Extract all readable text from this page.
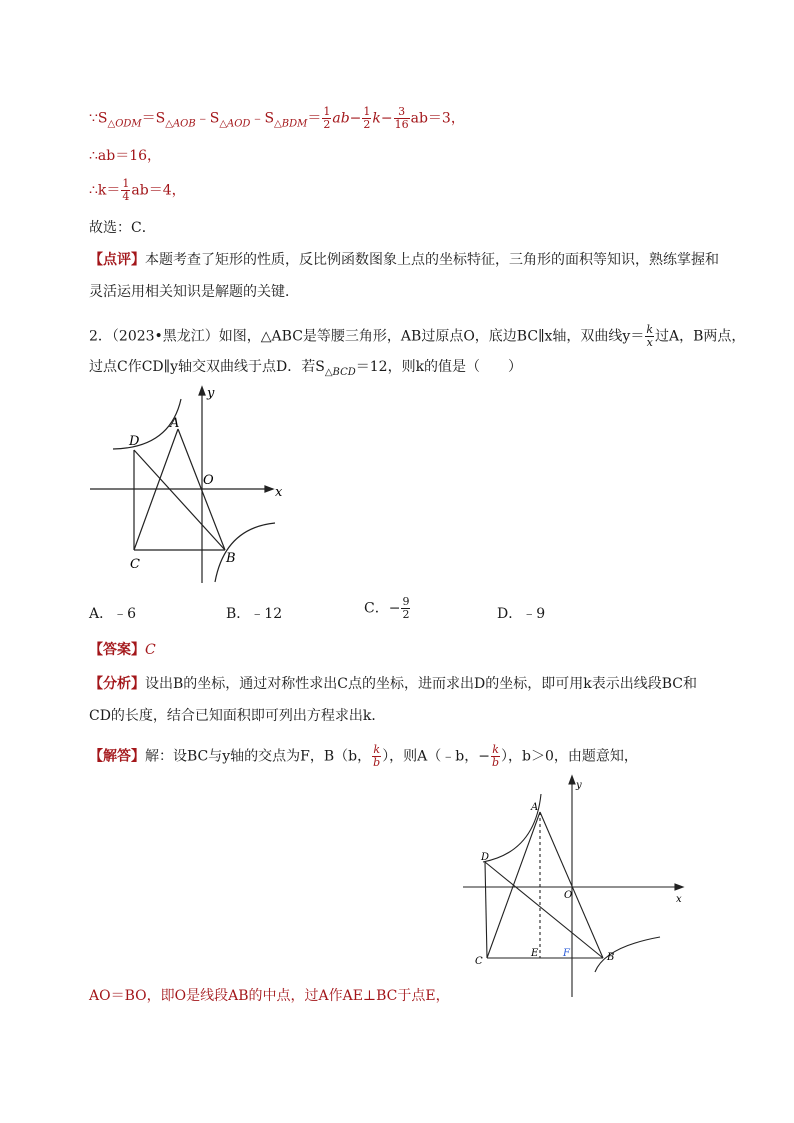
$\because S_{\triangle ODM}=S_{\triangle AOB}﹣S_{\triangle AOD}﹣S_{\triangle BDM}= \frac{1}{2} ab- \frac{1}{2} k- \frac{3}{16} ab=3$，
∴ab＝16，
∴k＝ $\frac{1}{4} ab=4$，
故选：C．
【点评】本题考查了矩形的性质，反比例函数图象上点的坐标特征，三角形的面积等知识，熟练掌握和
灵活运用相关知识是解题的关键．
2．（2023•黑龙江）如图，△ABC是等腰三角形，AB过原点O，底边BC∥x轴，双曲线$y= \frac{k}{x}$ 过A，B两点，
过点C作CD∥y轴交双曲线于点D．若$S_{\triangle BCD}=12$，则k的值是（　　）
A
D
O
x
y
C	B
A．﹣6	B．﹣12	C．− $\frac{9}{2}$	D．﹣9
【答案】C
【分析】设出B的坐标，通过对称性求出C点的坐标，进而求出D的坐标，即可用k表示出线段BC和
CD的长度，结合已知面积即可列出方程求出k．
【解答】解：设BC与y轴的交点为F，B（b， $\frac{k}{b}$ ），则A（﹣b，− $\frac{k}{b}$ ），b＞0，由题意知，
A
y
D
O	x
E F
C	B
AO＝BO，即O是线段AB的中点，过A作AE⊥BC于点E，
